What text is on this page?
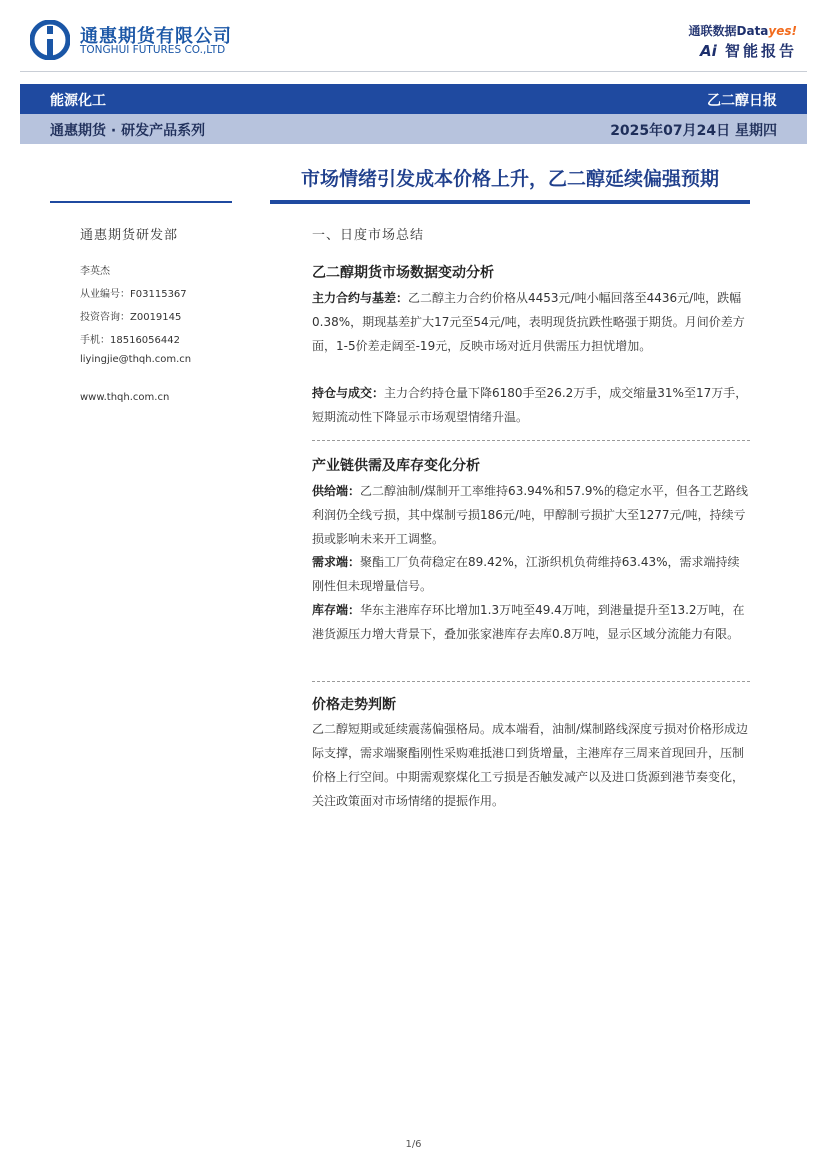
通惠期货有限公司
TONGHUI FUTURES CO.,LTD
通联数据Datayes!
Ai 智能报告
能源化工	乙二醇日报
通惠期货 · 研发产品系列	2025年07月24日 星期四
市场情绪引发成本价格上升，乙二醇延续偏强预期
通惠期货研发部
李英杰
从业编号：F03115367
投资咨询：Z0019145
手机：18516056442
liyingjie@thqh.com.cn
www.thqh.com.cn
一、日度市场总结
乙二醇期货市场数据变动分析
主力合约与基差：乙二醇主力合约价格从4453元/吨小幅回落至4436元/吨，跌幅0.38%，期现基差扩大17元至54元/吨，表明现货抗跌性略强于期货。月间价差方面，1-5价差走阔至-19元，反映市场对近月供需压力担忧增加。
持仓与成交：主力合约持仓量下降6180手至26.2万手，成交缩量31%至17万手，短期流动性下降显示市场观望情绪升温。
产业链供需及库存变化分析
供给端：乙二醇油制/煤制开工率维持63.94%和57.9%的稳定水平，但各工艺路线利润仍全线亏损，其中煤制亏损186元/吨，甲醇制亏损扩大至1277元/吨，持续亏损或影响未来开工调整。
需求端：聚酯工厂负荷稳定在89.42%，江浙织机负荷维持63.43%，需求端持续刚性但未现增量信号。
库存端：华东主港库存环比增加1.3万吨至49.4万吨，到港量提升至13.2万吨，在港货源压力增大背景下，叠加张家港库存去库0.8万吨，显示区域分流能力有限。
价格走势判断
乙二醇短期或延续震荡偏强格局。成本端看，油制/煤制路线深度亏损对价格形成边际支撑，需求端聚酯刚性采购难抵港口到货增量，主港库存三周来首现回升，压制价格上行空间。中期需观察煤化工亏损是否触发减产以及进口货源到港节奏变化，关注政策面对市场情绪的提振作用。
1/6
